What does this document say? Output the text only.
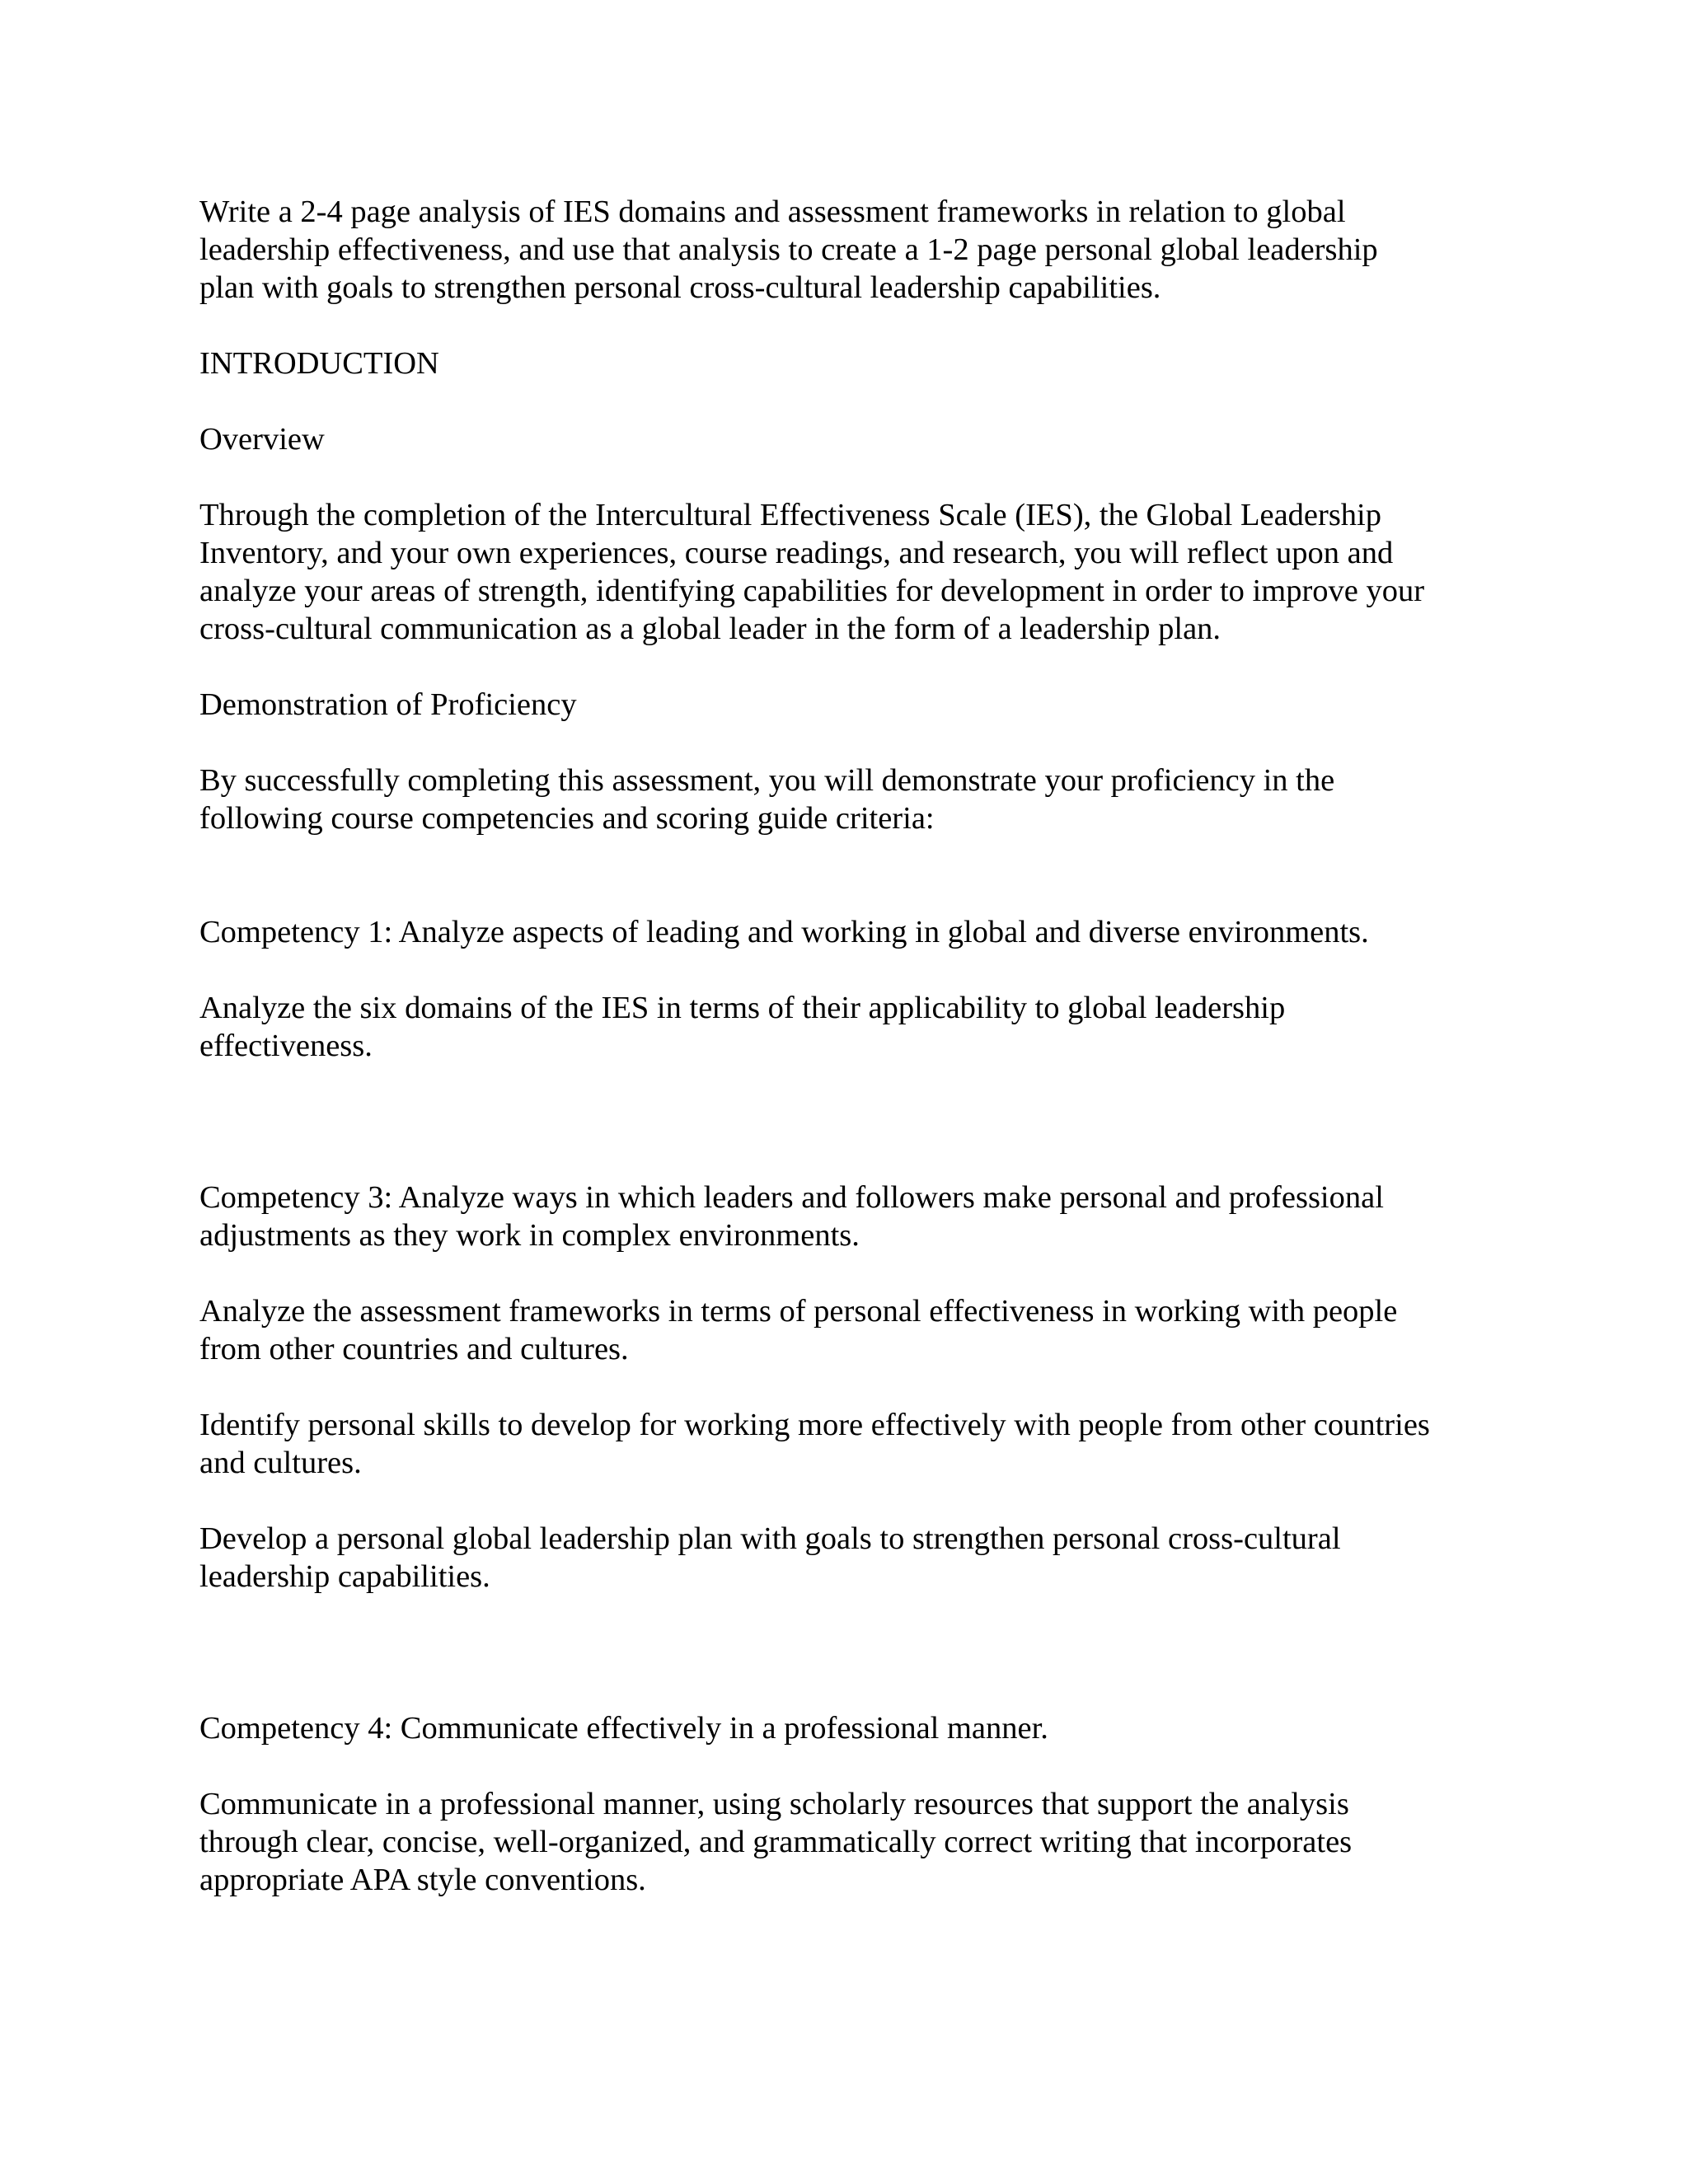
Write a 2-4 page analysis of IES domains and assessment frameworks in relation to global
leadership effectiveness, and use that analysis to create a 1-2 page personal global leadership
plan with goals to strengthen personal cross-cultural leadership capabilities.

INTRODUCTION

Overview

Through the completion of the Intercultural Effectiveness Scale (IES), the Global Leadership
Inventory, and your own experiences, course readings, and research, you will reflect upon and
analyze your areas of strength, identifying capabilities for development in order to improve your
cross-cultural communication as a global leader in the form of a leadership plan.

Demonstration of Proficiency

By successfully completing this assessment, you will demonstrate your proficiency in the
following course competencies and scoring guide criteria:

Competency 1: Analyze aspects of leading and working in global and diverse environments.

Analyze the six domains of the IES in terms of their applicability to global leadership
effectiveness.

Competency 3: Analyze ways in which leaders and followers make personal and professional
adjustments as they work in complex environments.

Analyze the assessment frameworks in terms of personal effectiveness in working with people
from other countries and cultures.

Identify personal skills to develop for working more effectively with people from other countries
and cultures.

Develop a personal global leadership plan with goals to strengthen personal cross-cultural
leadership capabilities.

Competency 4: Communicate effectively in a professional manner.

Communicate in a professional manner, using scholarly resources that support the analysis
through clear, concise, well-organized, and grammatically correct writing that incorporates
appropriate APA style conventions.
